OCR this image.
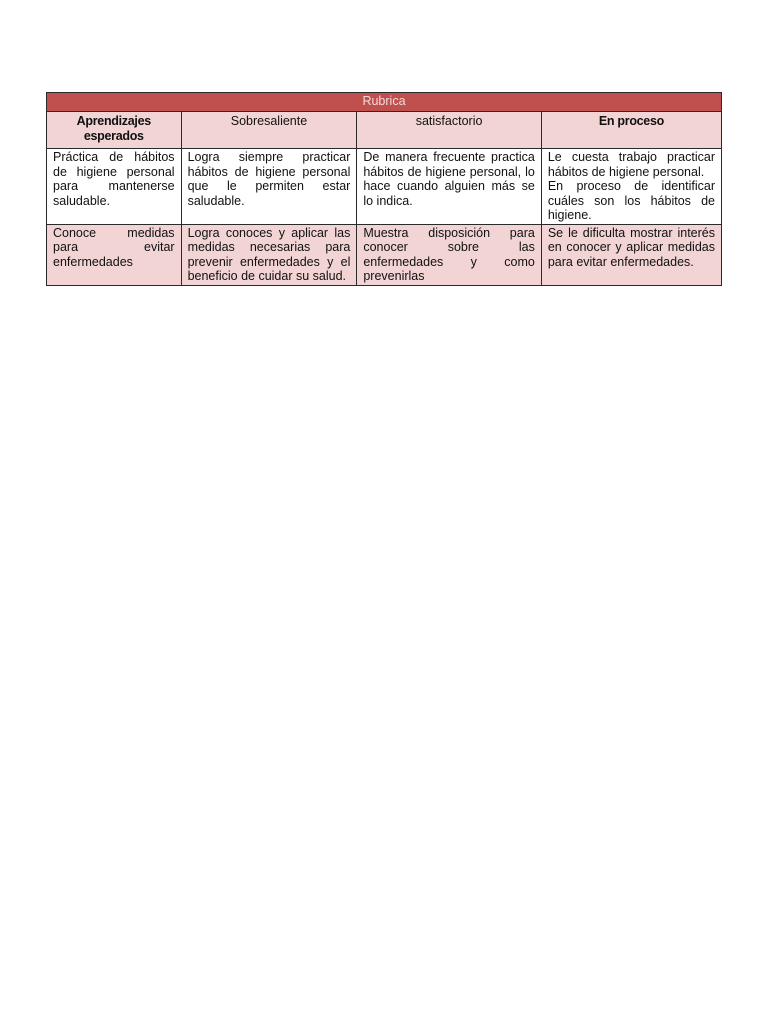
Rubrica			
Aprendizajes esperados	Sobresaliente	satisfactorio	En proceso
Práctica de hábitos de higiene personal para mantenerse saludable.	Logra siempre practicar hábitos de higiene personal que le permiten estar saludable.	De manera frecuente practica hábitos de higiene personal, lo hace cuando alguien más se lo indica.	Le cuesta trabajo practicar hábitos de higiene personal.
En proceso de identificar cuáles son los hábitos de higiene.

Conoce medidas para evitar enfermedades	Logra conoces y aplicar las medidas necesarias para prevenir enfermedades y el beneficio de cuidar su salud.	Muestra disposición para conocer sobre las enfermedades y como prevenirlas	Se le dificulta mostrar interés en conocer y aplicar medidas para evitar enfermedades.
